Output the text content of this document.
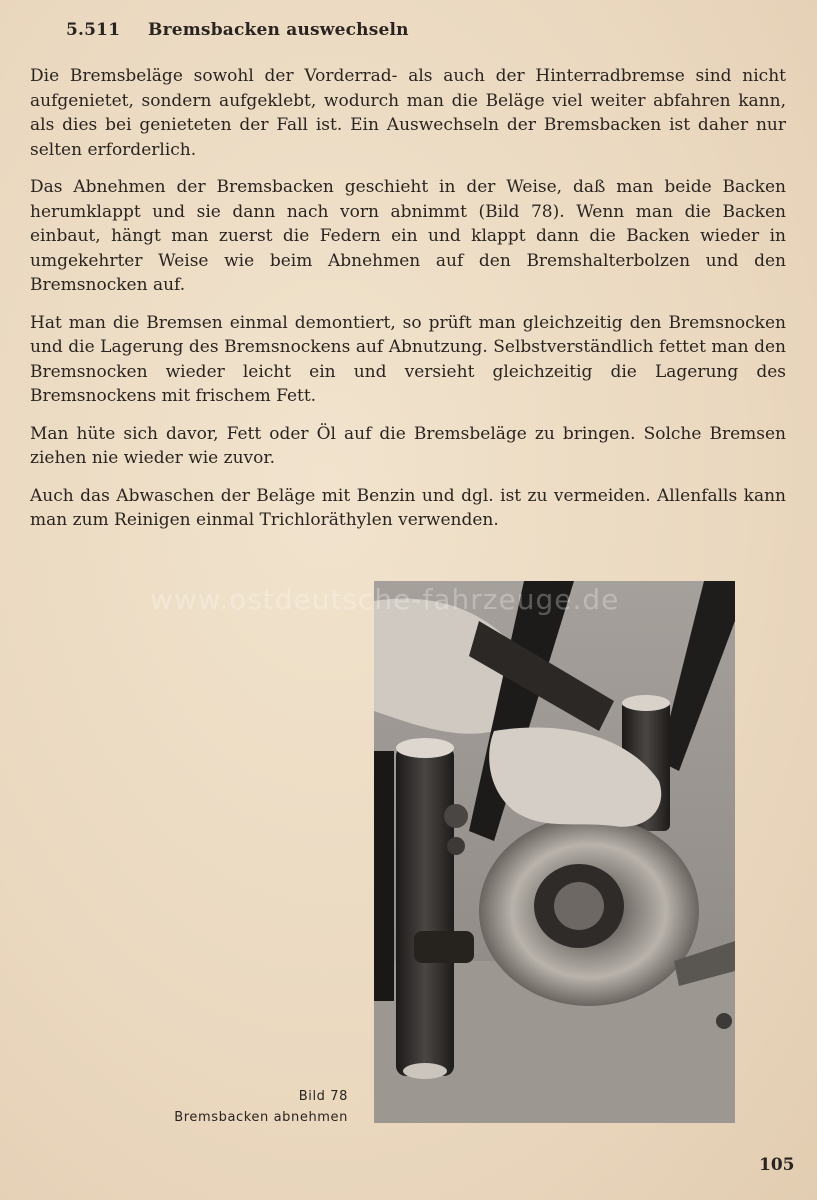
5.511 Bremsbacken auswechseln

Die Bremsbeläge sowohl der Vorderrad- als auch der Hinterradbremse sind nicht aufgenietet, sondern aufgeklebt, wodurch man die Beläge viel weiter abfahren kann, als dies bei genieteten der Fall ist. Ein Auswechseln der Bremsbacken ist daher nur selten erforderlich.

Das Abnehmen der Bremsbacken geschieht in der Weise, daß man beide Backen herumklappt und sie dann nach vorn abnimmt (Bild 78). Wenn man die Backen einbaut, hängt man zuerst die Federn ein und klappt dann die Backen wieder in umgekehrter Weise wie beim Abnehmen auf den Bremshalterbolzen und den Bremsnocken auf.

Hat man die Bremsen einmal demontiert, so prüft man gleichzeitig den Bremsnocken und die Lagerung des Bremsnockens auf Abnutzung. Selbstverständlich fettet man den Bremsnocken wieder leicht ein und versieht gleichzeitig die Lagerung des Bremsnockens mit frischem Fett.

Man hüte sich davor, Fett oder Öl auf die Bremsbeläge zu bringen. Solche Bremsen ziehen nie wieder wie zuvor.

Auch das Abwaschen der Beläge mit Benzin und dgl. ist zu vermeiden. Allenfalls kann man zum Reinigen einmal Trichloräthylen verwenden.

www.ostdeutsche-fahrzeuge.de
Bild 78
Bremsbacken abnehmen
105
